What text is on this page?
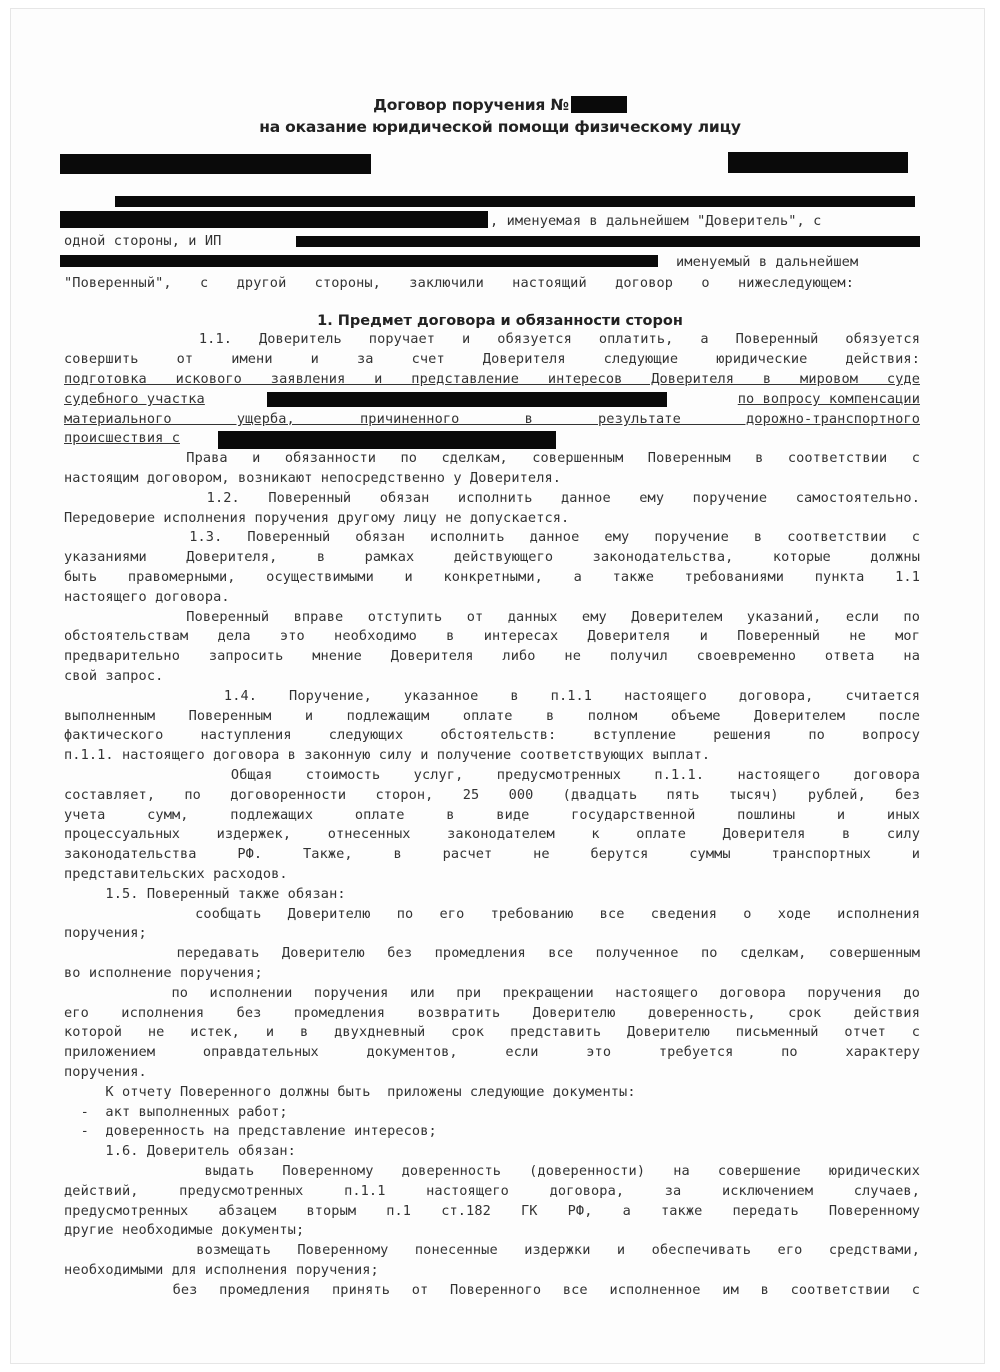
Договор поручения №
на оказание юридической помощи физическому лицу
, именуемая в дальнейшем "Доверитель", с
одной стороны, и ИП
именуемый в дальнейшем
"Поверенный", с другой стороны, заключили настоящий договор о нижеследующем:
1. Предмет договора и обязанности сторон
1.1. Доверитель поручает и обязуется оплатить, а Поверенный обязуется
совершить от имени и за счет Доверителя следующие юридические действия:
подготовка искового заявления и представление интересов Доверителя в мировом суде
судебного участка	по вопросу компенсации
материального ущерба, причиненного в результате дорожно-транспортного
происшествия с
Права и обязанности по сделкам, совершенным Поверенным в соответствии с
настоящим договором, возникают непосредственно у Доверителя.
1.2. Поверенный обязан исполнить данное ему поручение самостоятельно.
Передоверие исполнения поручения другому лицу не допускается.
1.3. Поверенный обязан исполнить данное ему поручение в соответствии с
указаниями Доверителя, в рамках действующего законодательства, которые должны
быть правомерными, осуществимыми и конкретными, а также требованиями пункта 1.1
настоящего договора.
Поверенный вправе отступить от данных ему Доверителем указаний, если по
обстоятельствам дела это необходимо в интересах Доверителя и Поверенный не мог
предварительно запросить мнение Доверителя либо не получил своевременно ответа на
свой запрос.
1.4. Поручение, указанное в п.1.1 настоящего договора, считается
выполненным Поверенным и подлежащим оплате в полном объеме Доверителем после
фактического наступления следующих обстоятельств: вступление решения по вопросу
п.1.1. настоящего договора в законную силу и получение соответствующих выплат.
Общая стоимость услуг, предусмотренных п.1.1. настоящего договора
составляет, по договоренности сторон, 25 000 (двадцать пять тысяч) рублей, без
учета сумм, подлежащих оплате в виде государственной пошлины и иных
процессуальных издержек, отнесенных законодателем к оплате Доверителя в силу
законодательства РФ. Также, в расчет не берутся суммы транспортных и
представительских расходов.
1.5. Поверенный также обязан:
сообщать Доверителю по его требованию все сведения о ходе исполнения
поручения;
передавать Доверителю без промедления все полученное по сделкам, совершенным
во исполнение поручения;
по исполнении поручения или при прекращении настоящего договора поручения до
его исполнения без промедления возвратить Доверителю доверенность, срок действия
которой не истек, и в двухдневный срок представить Доверителю письменный отчет с
приложением оправдательных документов, если это требуется по характеру
поручения.
К отчету Поверенного должны быть  приложены следующие документы:
-  акт выполненных работ;
-  доверенность на представление интересов;
1.6. Доверитель обязан:
выдать Поверенному доверенность (доверенности) на совершение юридических
действий, предусмотренных п.1.1 настоящего договора, за исключением случаев,
предусмотренных абзацем вторым п.1 ст.182 ГК РФ, а также передать Поверенному
другие необходимые документы;
возмещать Поверенному понесенные издержки и обеспечивать его средствами,
необходимыми для исполнения поручения;
без промедления принять от Поверенного все исполненное им в соответствии с
